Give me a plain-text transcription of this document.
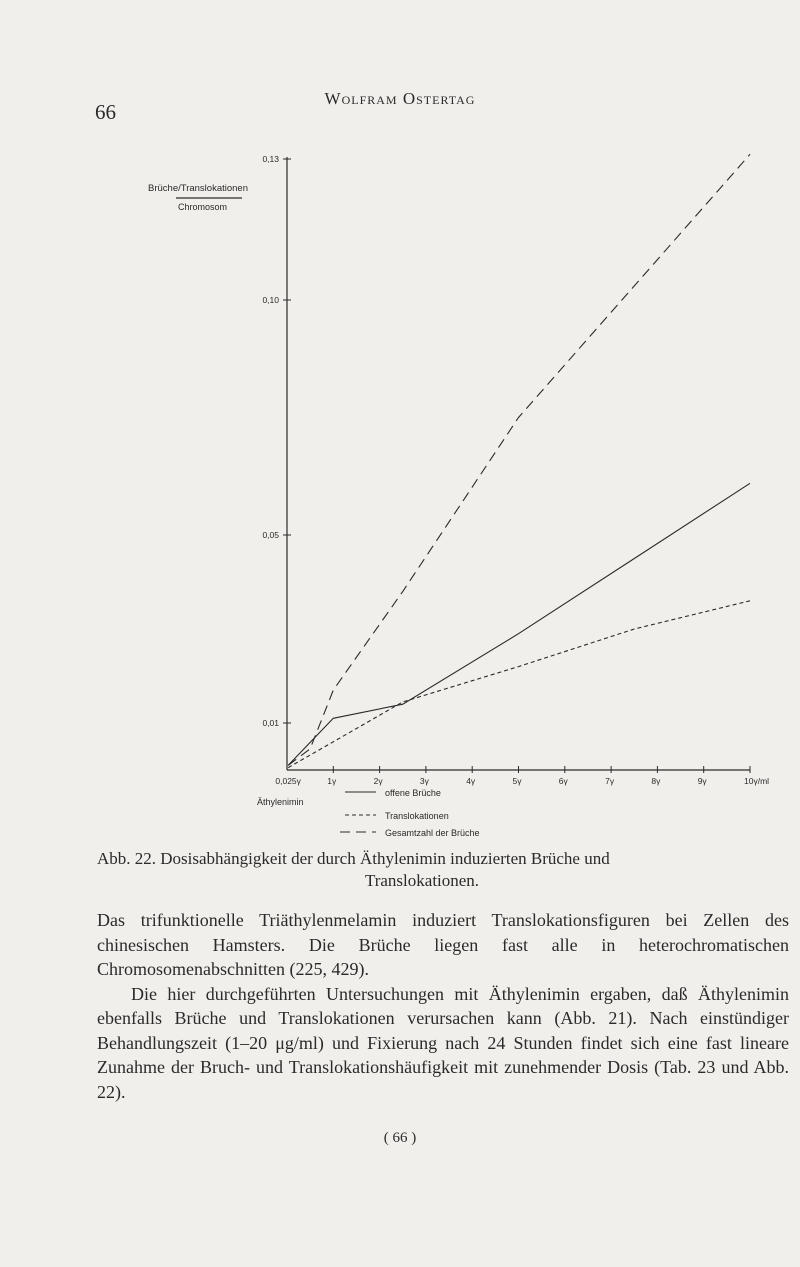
66
Wolfram Ostertag
Brüche/Translokationen
Chromosom
0,025γ	1γ	2γ	3γ	4γ	5γ	6γ	7γ	8γ	9γ	10γ/ml
0,01
0,05
0,10
0,13
Äthylenimin
offene Brüche
Translokationen
Gesamtzahl der Brüche
Abb. 22. Dosisabhängigkeit der durch Äthylenimin induzierten Brüche und
Translokationen.

Das trifunktionelle Triäthylenmelamin induziert Translokationsfiguren bei Zellen des chinesischen Hamsters. Die Brüche liegen fast alle in heterochromatischen Chromosomenabschnitten (225, 429).

Die hier durchgeführten Untersuchungen mit Äthylenimin ergaben, daß Äthylenimin ebenfalls Brüche und Translokationen verursachen kann (Abb. 21). Nach einstündiger Behandlungszeit (1–20 μg/ml) und Fixierung nach 24 Stunden findet sich eine fast lineare Zunahme der Bruch- und Translokationshäufigkeit mit zunehmender Dosis (Tab. 23 und Abb. 22).

( 66 )
